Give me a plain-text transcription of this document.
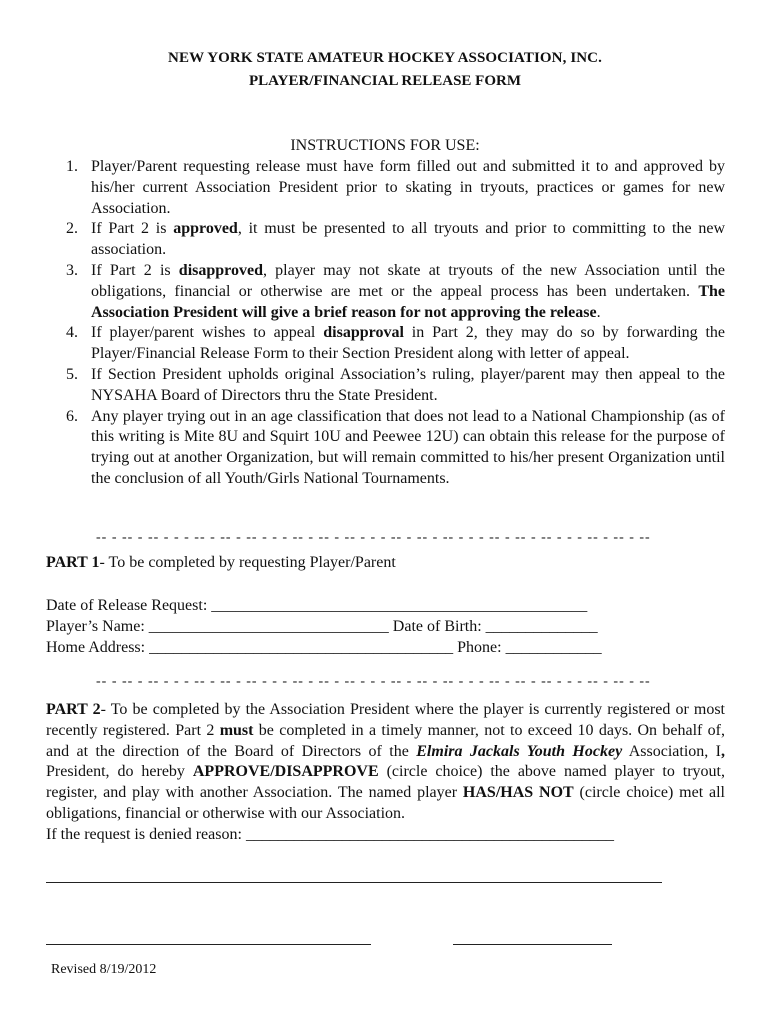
NEW YORK STATE AMATEUR HOCKEY ASSOCIATION, INC.
PLAYER/FINANCIAL RELEASE FORM
INSTRUCTIONS FOR USE:
1. Player/Parent requesting release must have form filled out and submitted it to and approved by his/her current Association President prior to skating in tryouts, practices or games for new Association.
2. If Part 2 is approved, it must be presented to all tryouts and prior to committing to the new association.
3. If Part 2 is disapproved, player may not skate at tryouts of the new Association until the obligations, financial or otherwise are met or the appeal process has been undertaken. The Association President will give a brief reason for not approving the release.
4. If player/parent wishes to appeal disapproval in Part 2, they may do so by forwarding the Player/Financial Release Form to their Section President along with letter of appeal.
5. If Section President upholds original Association’s ruling, player/parent may then appeal to the NYSAHA Board of Directors thru the State President.
6. Any player trying out in an age classification that does not lead to a National Championship (as of this writing is Mite 8U and Squirt 10U and Peewee 12U) can obtain this release for the purpose of trying out at another Organization, but will remain committed to his/her present Organization until the conclusion of all Youth/Girls National Tournaments.
-- - -- - -- - - - -- - -- - -- - - - -- - -- - -- - - - -- - -- - -- - - - -- - -- - -- - - - -- - -- - --
PART 1- To be completed by requesting Player/Parent
Date of Release Request: _______________________________________________
Player’s Name: ______________________________ Date of Birth: ______________
Home Address: ______________________________________ Phone: ____________
-- - -- - -- - - - -- - -- - -- - - - -- - -- - -- - - - -- - -- - -- - - - -- - -- - -- - - - -- - -- - --
PART 2- To be completed by the Association President where the player is currently registered or most recently registered. Part 2 must be completed in a timely manner, not to exceed 10 days. On behalf of, and at the direction of the Board of Directors of the Elmira Jackals Youth Hockey Association, I, President, do hereby APPROVE/DISAPPROVE (circle choice) the above named player to tryout, register, and play with another Association. The named player HAS/HAS NOT (circle choice) met all obligations, financial or otherwise with our Association.
If the request is denied reason: ______________________________________________
Revised 8/19/2012
